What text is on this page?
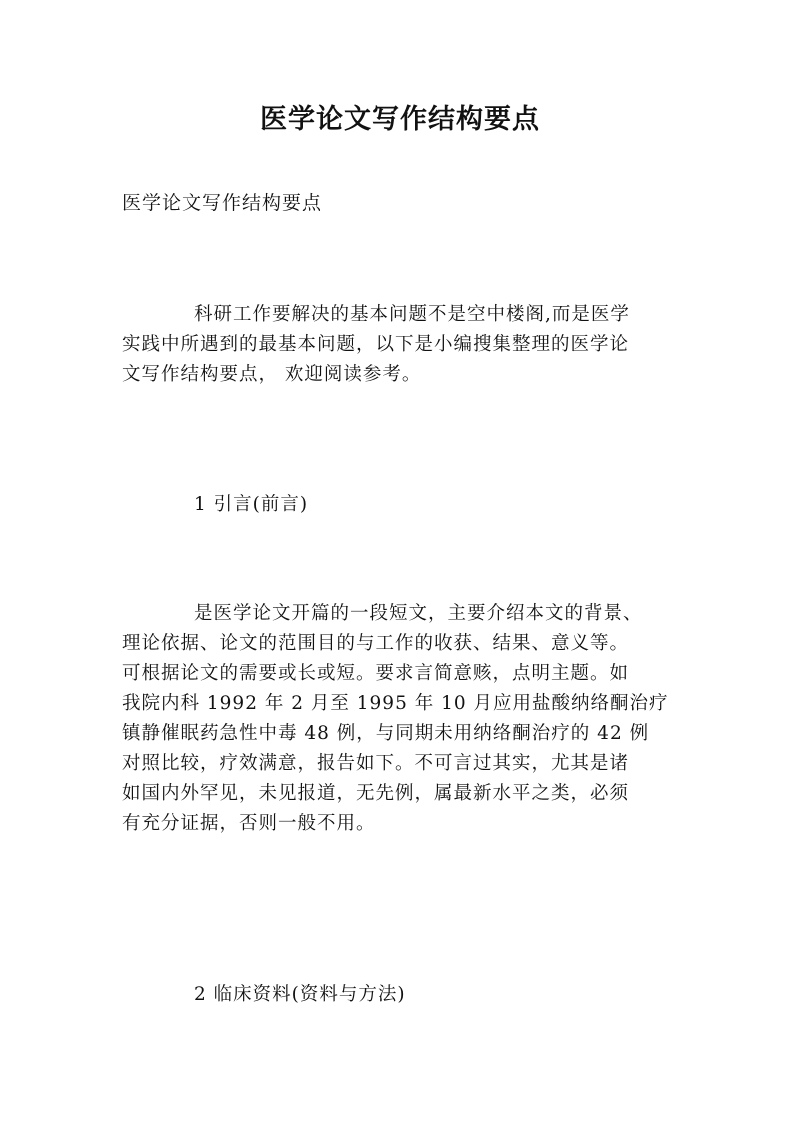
医学论文写作结构要点
医学论文写作结构要点
科研工作要解决的基本问题不是空中楼阁,而是医学
实践中所遇到的最基本问题，以下是小编搜集整理的医学论
文写作结构要点， 欢迎阅读参考。
1 引言(前言)
是医学论文开篇的一段短文，主要介绍本文的背景、
理论依据、论文的范围目的与工作的收获、结果、意义等。
可根据论文的需要或长或短。要求言简意赅，点明主题。如
我院内科 1992 年 2 月至 1995 年 10 月应用盐酸纳络酮治疗
镇静催眠药急性中毒 48 例，与同期未用纳络酮治疗的 42 例
对照比较，疗效满意，报告如下。不可言过其实，尤其是诸
如国内外罕见，未见报道，无先例，属最新水平之类，必须
有充分证据，否则一般不用。
2 临床资料(资料与方法)
